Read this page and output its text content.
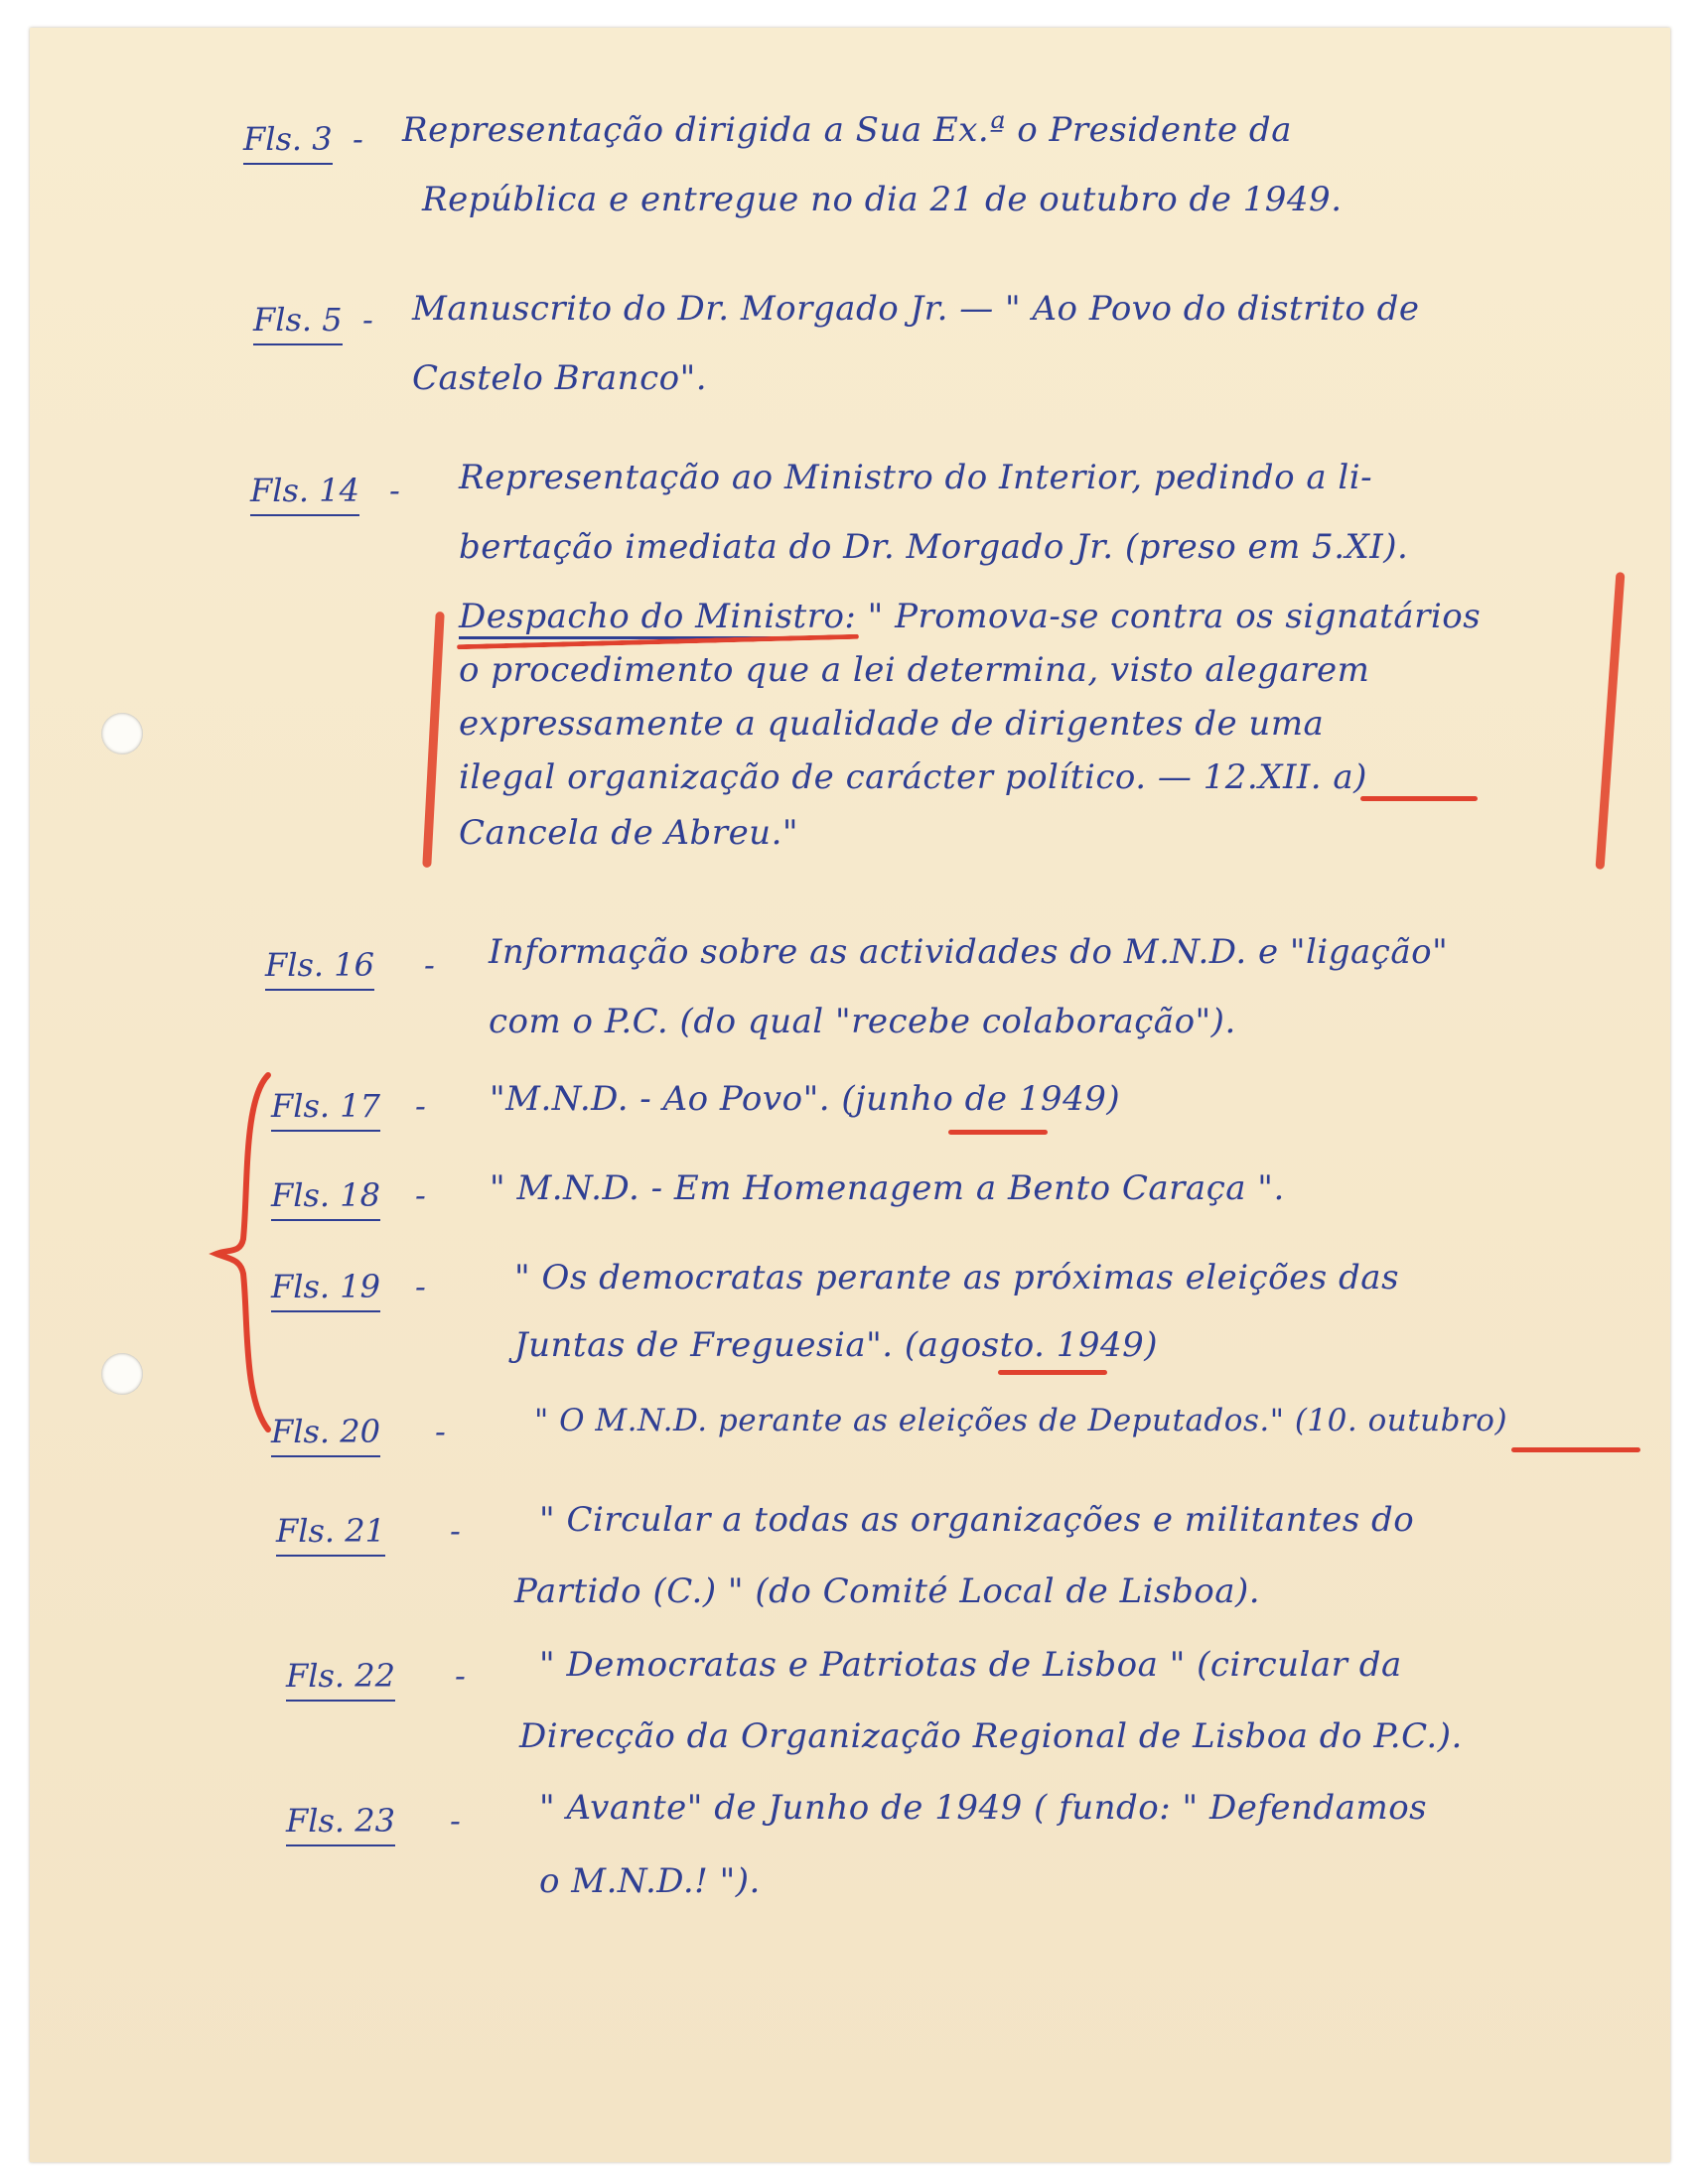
Fls. 3 - Representação dirigida a Sua Ex.ª o Presidente da
República e entregue no dia 21 de outubro de 1949.
Fls. 5 - Manuscrito do Dr. Morgado Jr. — " Ao Povo do distrito de
Castelo Branco".
Fls. 14 - Representação ao Ministro do Interior, pedindo a li-
bertação imediata do Dr. Morgado Jr. (preso em 5.XI).
Despacho do Ministro: " Promova-se contra os signatários
o procedimento que a lei determina, visto alegarem
expressamente a qualidade de dirigentes de uma
ilegal organização de carácter político. — 12.XII. a)
Cancela de Abreu."
Fls. 16 - Informação sobre as actividades do M.N.D. e "ligação"
com o P.C. (do qual "recebe colaboração").
Fls. 17 - "M.N.D. - Ao Povo". (junho de 1949)
Fls. 18 - " M.N.D. - Em Homenagem a Bento Caraça ".
Fls. 19 -	" Os democratas perante as próximas eleições das
Juntas de Freguesia". (agosto. 1949)
Fls. 20 -	" O M.N.D. perante as eleições de Deputados." (10. outubro)
Fls. 21 - " Circular a todas as organizações e militantes do
Partido (C.) " (do Comité Local de Lisboa).
Fls. 22 - " Democratas e Patriotas de Lisboa " (circular da
Direcção da Organização Regional de Lisboa do P.C.).
Fls. 23 - " Avante" de Junho de 1949 ( fundo: " Defendamos
o M.N.D.! ").
